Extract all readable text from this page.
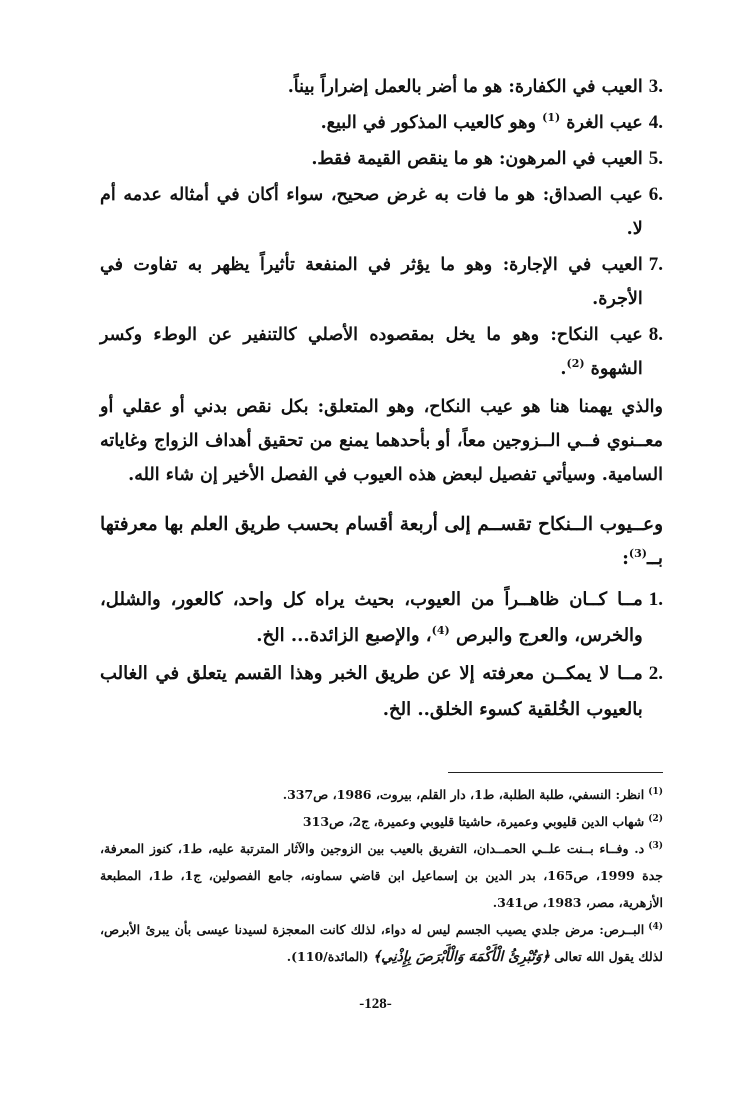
.3
العيب في الكفارة: هو ما أضر بالعمل إضراراً بيناً.
.4
عيب الغرة $^{(1)}$ وهو كالعيب المذكور في البيع.
.5
العيب في المرهون: هو ما ينقص القيمة فقط.
.6
عيب الصداق: هو ما فات به غرض صحيح، سواء أكان في أمثاله عدمه أم لا.
.7
العيب في الإجارة: وهو ما يؤثر في المنفعة تأثيراً يظهر به تفاوت في الأجرة.
.8
عيب النكاح: وهو ما يخل بمقصوده الأصلي كالتنفير عن الوطء وكسر الشهوة $^{(2)}$.

والذي يهمنا هنا هو عيب النكاح، وهو المتعلق: بكل نقص بدني أو عقلي أو معــنوي فــي الــزوجين معاً، أو بأحدهما يمنع من تحقيق أهداف الزواج وغاياته السامية. وسيأتي تفصيل لبعض هذه العيوب في الفصل الأخير إن شاء الله.

وعــيوب الــنكاح تقســم إلى أربعة أقسام بحسب طريق العلم بها معرفتها بــ$^{(3)}$:

.1
مــا كــان ظاهــراً من العيوب، بحيث يراه كل واحد، كالعور، والشلل، والخرس، والعرج والبرص $^{(4)}$، والإصبع الزائدة... الخ.
.2
مــا لا يمكــن معرفته إلا عن طريق الخبر وهذا القسم يتعلق في الغالب بالعيوب الخُلقية كسوء الخلق.. الخ.

$^{(1)}$انظر: النسفي، طلبة الطلبة، ط1، دار القلم، بيروت، 1986، ص337.

$^{(2)}$شهاب الدين قليوبي وعميرة، حاشيتا قليوبي وعميرة، ج2، ص313

$^{(3)}$د. وفــاء بــنت علــي الحمــدان، التفريق بالعيب بين الزوجين والآثار المترتبة عليه، ط1، كنوز المعرفة، جدة 1999، ص165، بدر الدين بن إسماعيل ابن قاضي سماونه، جامع الفصولين، ج1، ط1، المطبعة الأزهرية، مصر، 1983، ص341.

$^{(4)}$البــرص: مرض جلدي يصيب الجسم ليس له دواء، لذلك كانت المعجزة لسيدنا عيسى بأن يبرئ الأبرص، لذلك يقول الله تعالى ﴿وَتُبْرِئُ الْأَكْمَهَ وَالْأَبْرَصَ بِإِذْنِي﴾ (المائدة/110).

-128-
